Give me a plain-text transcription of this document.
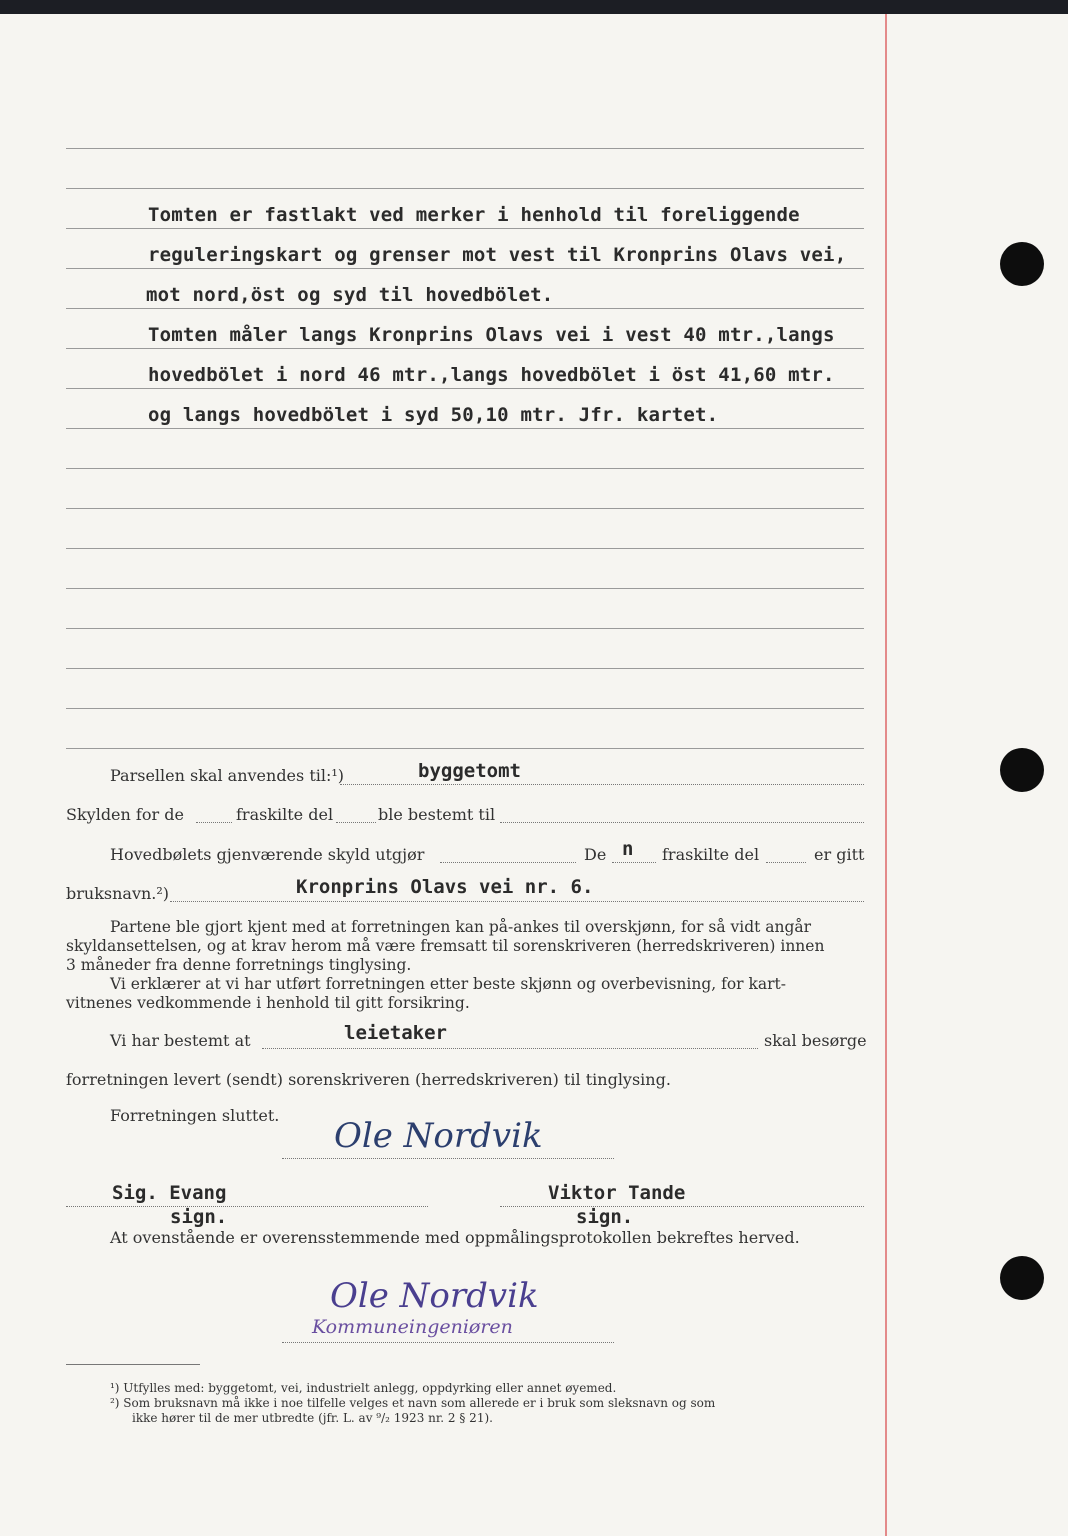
Tomten er fastlakt ved merker i henhold til foreliggende
reguleringskart og grenser mot vest til Kronprins Olavs vei,
mot nord,öst og syd til hovedbölet.
Tomten måler langs Kronprins Olavs vei i vest 40 mtr.,langs
hovedbölet i nord 46 mtr.,langs hovedbölet i öst 41,60 mtr.
og langs hovedbölet i syd 50,10 mtr. Jfr. kartet.
Parsellen skal anvendes til:¹)	byggetomt
Skylden for de	fraskilte del	ble bestemt til
Hovedbølets gjenværende skyld utgjør	De n fraskilte del	er gitt
bruksnavn.²)	Kronprins Olavs vei nr. 6.
Partene ble gjort kjent med at forretningen kan på-ankes til overskjønn, for så vidt angår
skyldansettelsen, og at krav herom må være fremsatt til sorenskriveren (herredskriveren) innen
3 måneder fra denne forretnings tinglysing.
Vi erklærer at vi har utført forretningen etter beste skjønn og overbevisning, for kart-
vitnenes vedkommende i henhold til gitt forsikring.
Vi har bestemt at	leietaker	skal besørge
forretningen levert (sendt) sorenskriveren (herredskriveren) til tinglysing.
Forretningen sluttet.
Ole Nordvik
Sig. Evang
sign.
Viktor Tande
sign.
At ovenstående er overensstemmende med oppmålingsprotokollen bekreftes herved.
Ole Nordvik
Kommuneingeniøren
¹) Utfylles med: byggetomt, vei, industrielt anlegg, oppdyrking eller annet øyemed.
²) Som bruksnavn må ikke i noe tilfelle velges et navn som allerede er i bruk som sleksnavn og som
ikke hører til de mer utbredte (jfr. L. av ⁹/₂ 1923 nr. 2 § 21).
